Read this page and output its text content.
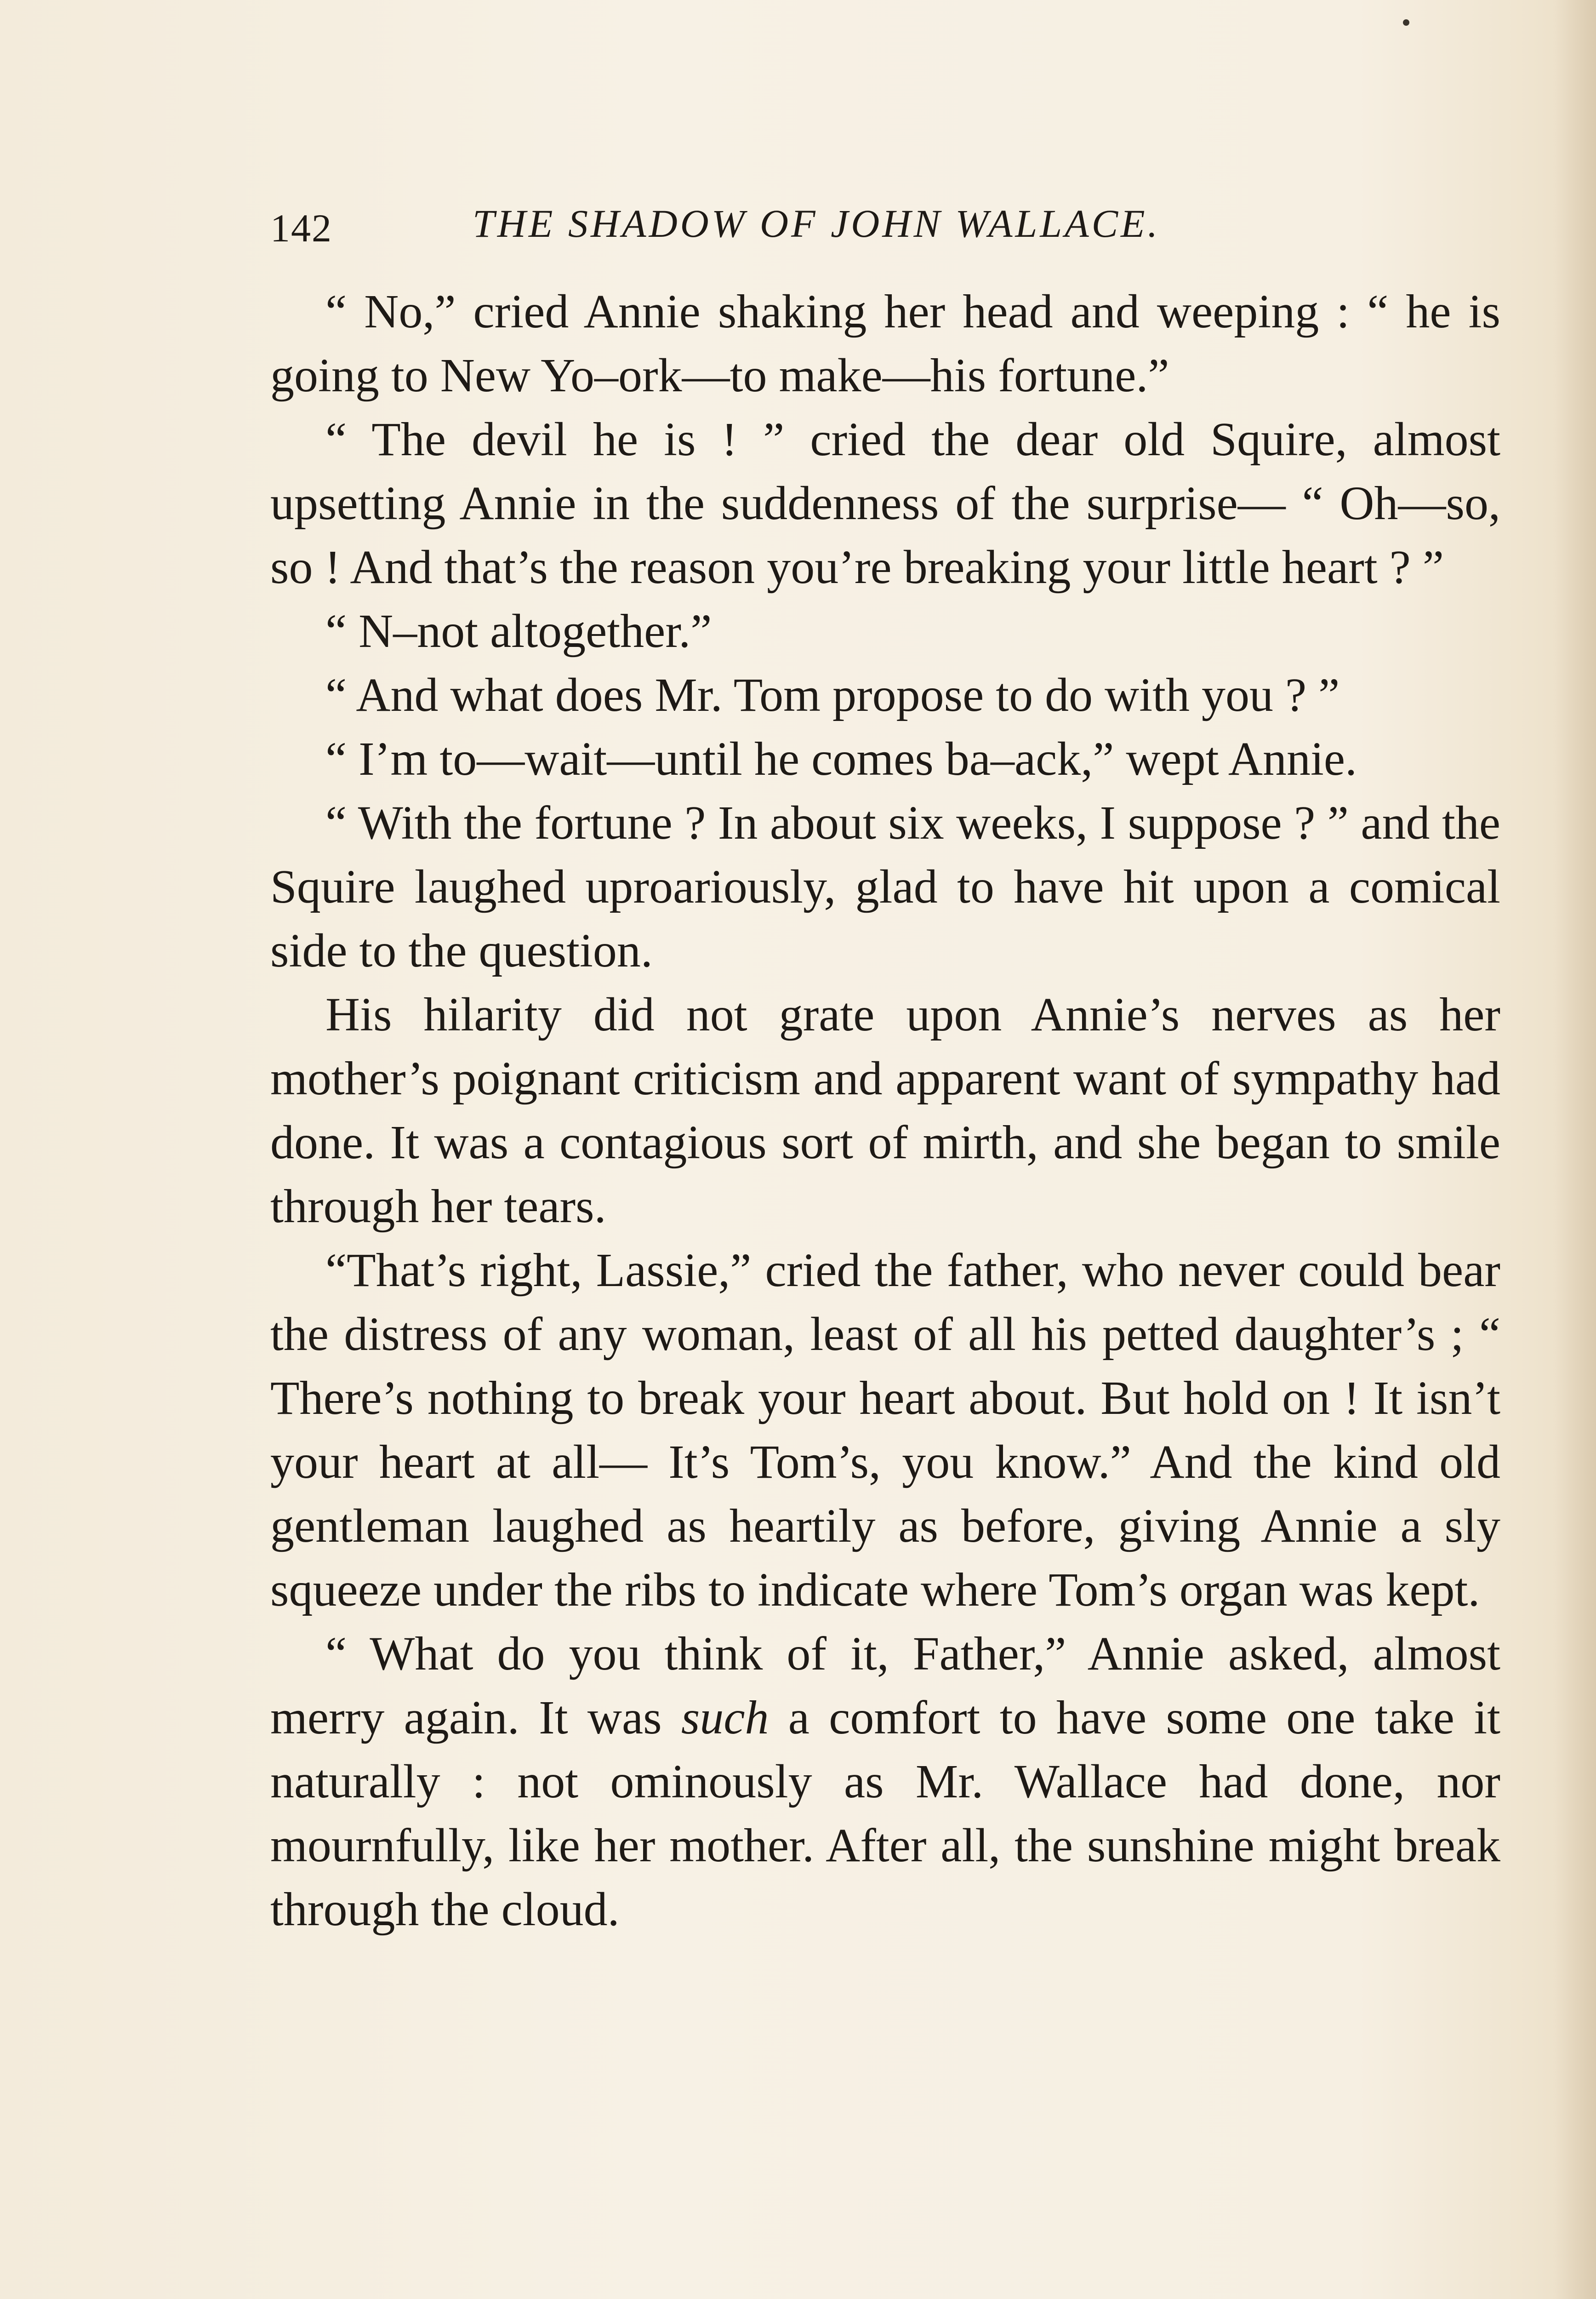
142	THE SHADOW OF JOHN WALLACE.

“ No,” cried Annie shaking her head and weeping : “ he is going to New Yo–ork—to make—his fortune.”

“ The devil he is ! ” cried the dear old Squire, almost upsetting Annie in the suddenness of the surprise— “ Oh—so, so ! And that’s the reason you’re breaking your little heart ? ”

“ N–not altogether.”

“ And what does Mr. Tom propose to do with you ? ”

“ I’m to—wait—until he comes ba–ack,” wept Annie.

“ With the fortune ? In about six weeks, I suppose ? ” and the Squire laughed uproariously, glad to have hit upon a comical side to the question.

His hilarity did not grate upon Annie’s nerves as her mother’s poignant criticism and apparent want of sympathy had done. It was a contagious sort of mirth, and she began to smile through her tears.

“That’s right, Lassie,” cried the father, who never could bear the distress of any woman, least of all his petted daughter’s ; “ There’s nothing to break your heart about. But hold on ! It isn’t your heart at all— It’s Tom’s, you know.” And the kind old gentleman laughed as heartily as before, giving Annie a sly squeeze under the ribs to indicate where Tom’s organ was kept.

“ What do you think of it, Father,” Annie asked, almost merry again. It was such a comfort to have some one take it naturally : not ominously as Mr. Wallace had done, nor mournfully, like her mother. After all, the sunshine might break through the cloud.
